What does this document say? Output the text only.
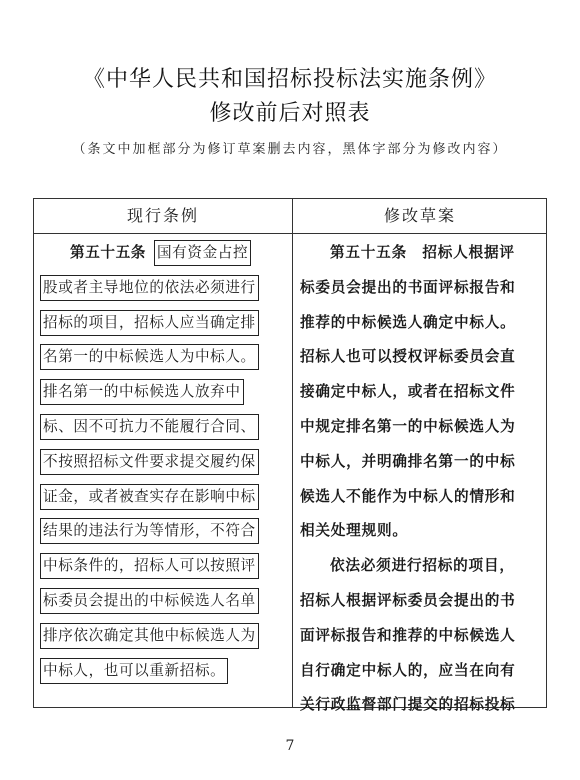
《中华人民共和国招标投标法实施条例》
修改前后对照表
（条文中加框部分为修订草案删去内容，黑体字部分为修改内容）
现行条例	修改草案
第五十五条 国有资金占控
股或者主导地位的依法必须进行
招标的项目，招标人应当确定排
名第一的中标候选人为中标人。
排名第一的中标候选人放弃中
标、因不可抗力不能履行合同、
不按照招标文件要求提交履约保
证金，或者被查实存在影响中标
结果的违法行为等情形，不符合
中标条件的，招标人可以按照评
标委员会提出的中标候选人名单
排序依次确定其他中标候选人为
中标人，也可以重新招标。
第五十五条　招标人根据评
标委员会提出的书面评标报告和
推荐的中标候选人确定中标人。
招标人也可以授权评标委员会直
接确定中标人，或者在招标文件
中规定排名第一的中标候选人为
中标人，并明确排名第一的中标
候选人不能作为中标人的情形和
相关处理规则。
依法必须进行招标的项目，
招标人根据评标委员会提出的书
面评标报告和推荐的中标候选人
自行确定中标人的，应当在向有
关行政监督部门提交的招标投标
7
